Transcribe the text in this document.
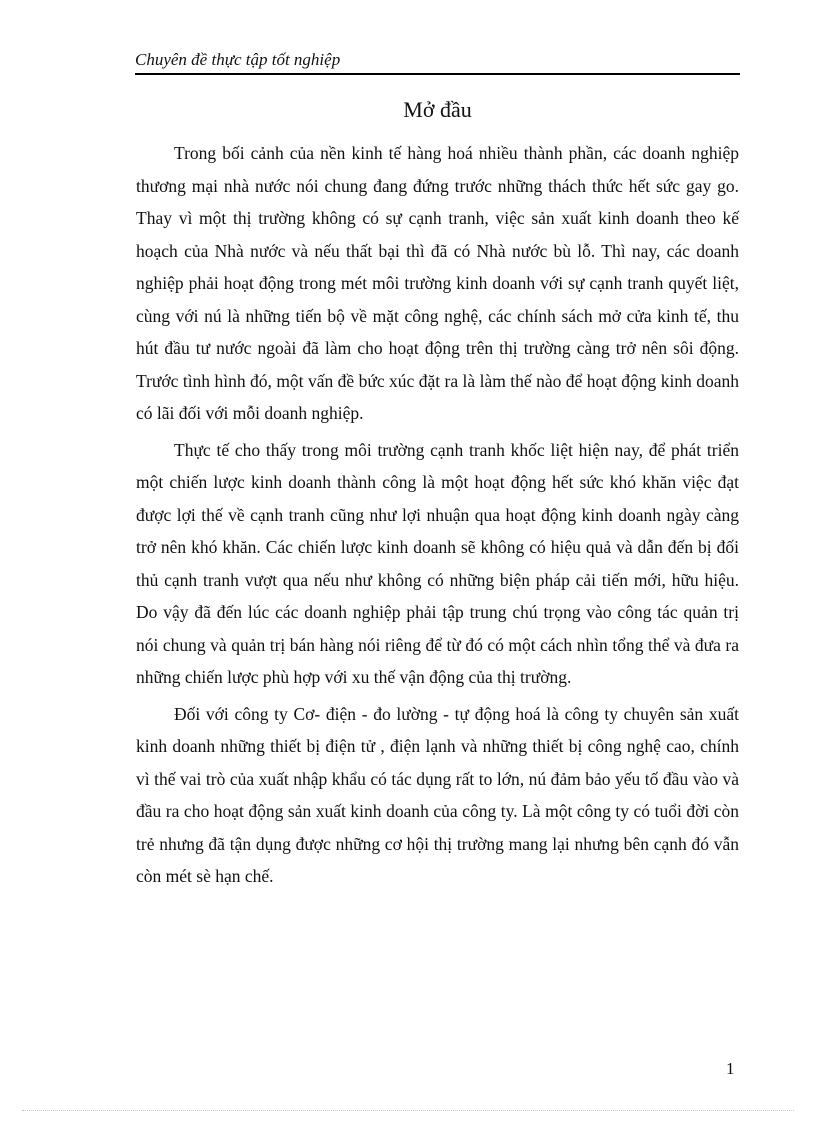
Chuyên đề thực tập tốt nghiệp
Mở đầu

Trong bối cảnh của nền kinh tế hàng hoá nhiều thành phần, các doanh nghiệp thương mại nhà nước nói chung đang đứng trước những thách thức hết sức gay go. Thay vì một thị trường không có sự cạnh tranh, việc sản xuất kinh doanh theo kế hoạch của Nhà nước và nếu thất bại thì đã có Nhà nước bù lỗ. Thì nay, các doanh nghiệp phải hoạt động trong mét môi trường kinh doanh với sự cạnh tranh quyết liệt, cùng với nú là những tiến bộ về mặt công nghệ, các chính sách mở cửa kinh tế, thu hút đầu tư nước ngoài đã làm cho hoạt động trên thị trường càng trở nên sôi động. Trước tình hình đó, một vấn đề bức xúc đặt ra là làm thế nào để hoạt động kinh doanh có lãi đối với mỗi doanh nghiệp.

Thực tế cho thấy trong môi trường cạnh tranh khốc liệt hiện nay, để phát triển một chiến lược kinh doanh thành công là một hoạt động hết sức khó khăn việc đạt được lợi thế về cạnh tranh cũng như lợi nhuận qua hoạt động kinh doanh ngày càng trở nên khó khăn. Các chiến lược kinh doanh sẽ không có hiệu quả và dẫn đến bị đối thủ cạnh tranh vượt qua nếu như không có những biện pháp cải tiến mới, hữu hiệu. Do vậy đã đến lúc các doanh nghiệp phải tập trung chú trọng vào công tác quản trị nói chung và quản trị bán hàng nói riêng để từ đó có một cách nhìn tổng thể và đưa ra những chiến lược phù hợp với xu thế vận động của thị trường.

Đối với công ty Cơ- điện - đo lường - tự động hoá là công ty chuyên sản xuất kinh doanh những thiết bị điện tử , điện lạnh và những thiết bị công nghệ cao, chính vì thế vai trò của xuất nhập khẩu có tác dụng rất to lớn, nú đảm bảo yếu tố đầu vào và đầu ra cho hoạt động sản xuất kinh doanh của công ty. Là một công ty có tuổi đời còn trẻ nhưng đã tận dụng được những cơ hội thị trường mang lại nhưng bên cạnh đó vẫn còn mét sè hạn chế.

1
